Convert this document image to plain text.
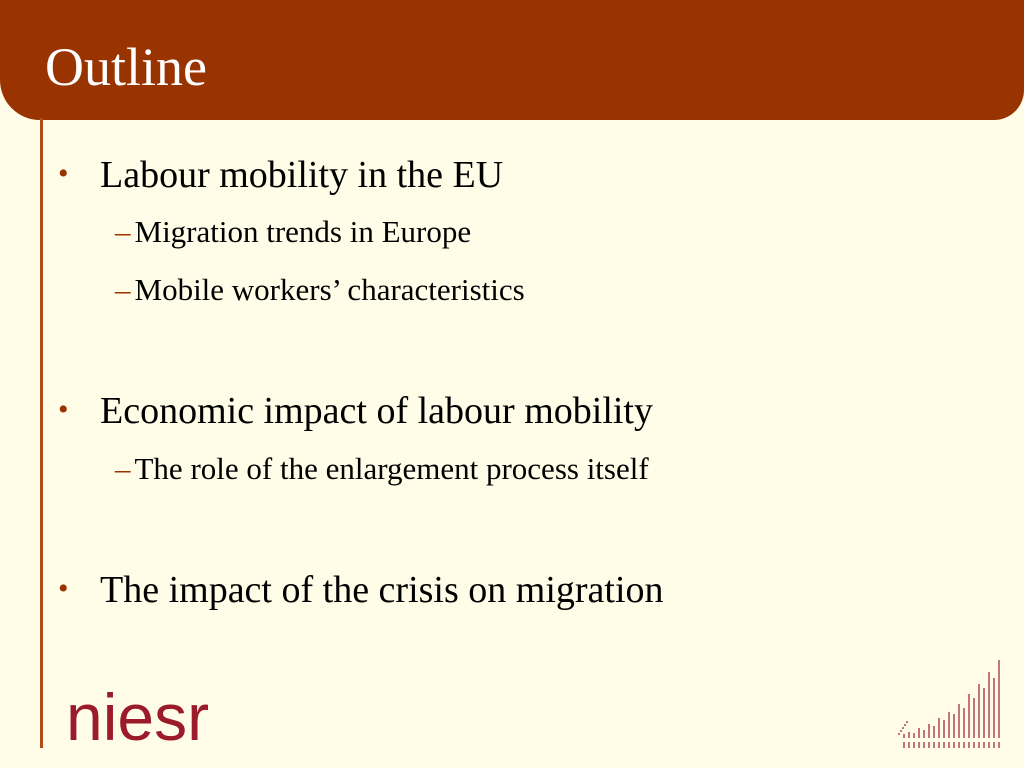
Outline
• Labour mobility in the EU
– Migration trends in Europe
– Mobile workers’ characteristics
• Economic impact of labour mobility
– The role of the enlargement process itself
• The impact of the crisis on migration
niesr
